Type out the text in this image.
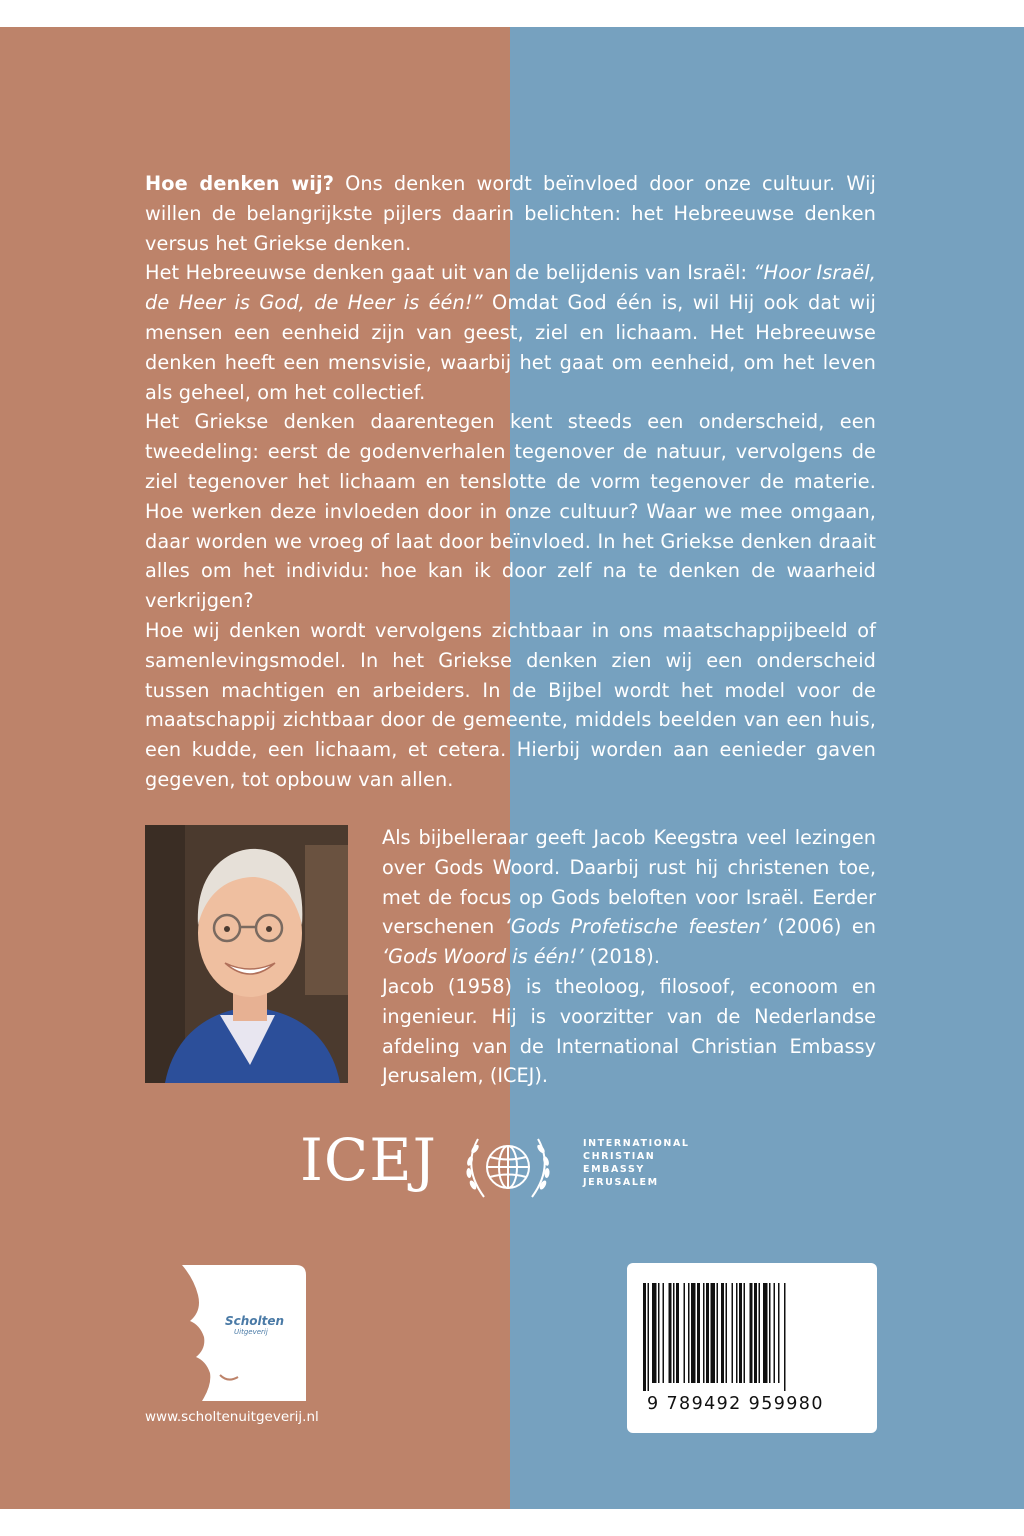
Hoe denken wij? Ons denken wordt beïnvloed door onze cultuur. Wij willen de belangrijkste pijlers daarin belichten: het Hebreeuwse denken versus het Griekse denken.

Het Hebreeuwse denken gaat uit van de belijdenis van Israël: “Hoor Israël, de Heer is God, de Heer is één!” Omdat God één is, wil Hij ook dat wij mensen een eenheid zijn van geest, ziel en lichaam. Het Hebreeuwse denken heeft een mensvisie, waarbij het gaat om eenheid, om het leven als geheel, om het collectief.

Het Griekse denken daarentegen kent steeds een onderscheid, een tweedeling: eerst de godenverhalen tegenover de natuur, vervolgens de ziel tegenover het lichaam en tenslotte de vorm tegenover de materie. Hoe werken deze invloeden door in onze cultuur? Waar we mee omgaan, daar worden we vroeg of laat door beïnvloed. In het Griekse denken draait alles om het individu: hoe kan ik door zelf na te denken de waarheid verkrijgen?

Hoe wij denken wordt vervolgens zichtbaar in ons maatschappijbeeld of samenlevingsmodel. In het Griekse denken zien wij een onderscheid tussen machtigen en arbeiders. In de Bijbel wordt het model voor de maatschappij zichtbaar door de gemeente, middels beelden van een huis, een kudde, een lichaam, et cetera. Hierbij worden aan eenieder gaven gegeven, tot opbouw van allen.

Als bijbelleraar geeft Jacob Keegstra veel lezingen over Gods Woord. Daarbij rust hij christenen toe, met de focus op Gods beloften voor Israël. Eerder verschenen ‘Gods Profetische feesten’ (2006) en ‘Gods Woord is één!’ (2018).

Jacob (1958) is theoloog, filosoof, econoom en ingenieur. Hij is voorzitter van de Nederlandse afdeling van de International Christian Embassy Jerusalem, (ICEJ).

ICEJ	INTERNATIONAL
CHRISTIAN
EMBASSY
JERUSALEM
Scholten
Uitgeverij
www.scholtenuitgeverij.nl
9 789492 959980
